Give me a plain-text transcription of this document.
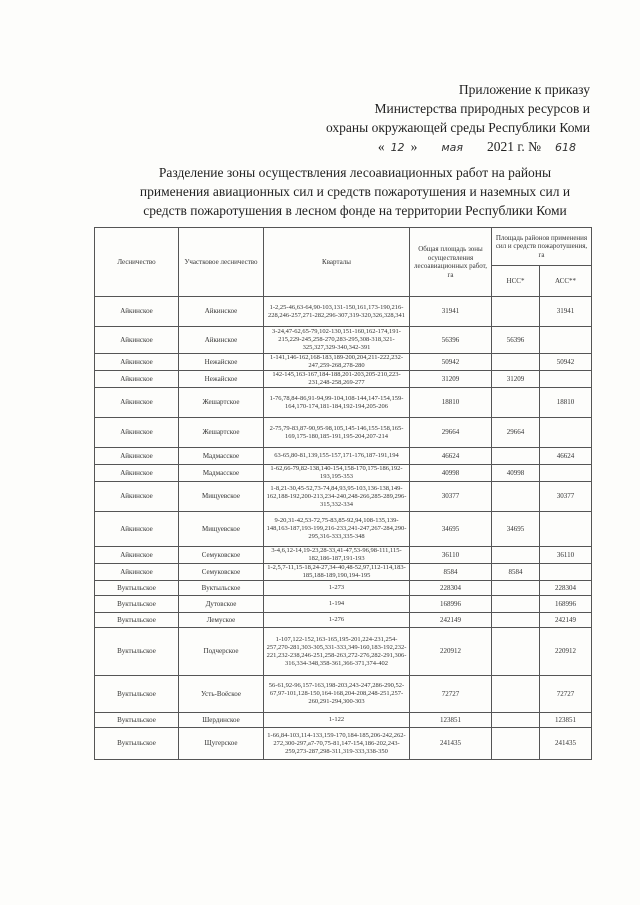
Приложение к приказу
Министерства природных ресурсов и
охраны окружающей среды Республики Коми
« 12 » мая 2021 г. № 618
Разделение зоны осуществления лесоавиационных работ на районы
применения авиационных сил и средств пожаротушения и наземных сил и
средств пожаротушения в лесном фонде на территории Республики Коми
Лесничество	Участковое лесничество	Кварталы	Общая площадь зоны осуществления лесоавиационных работ, га	Площадь районов применения сил и средств пожаротушения, га	
				НСС*	АСС**
Айкинское	Айкинское	1-2,25-46,63-64,90-103,131-150,161,173-190,216-228,246-257,271-282,296-307,319-320,326,328,341	31941		31941
Айкинское	Айкинское	3-24,47-62,65-79,102-130,151-160,162-174,191-215,229-245,258-270,283-295,308-318,321-325,327,329-340,342-391	56396	56396	
Айкинское	Нежайское	1-141,146-162,168-183,189-200,204,211-222,232-247,259-268,278-280	50942		50942
Айкинское	Нежайское	142-145,163-167,184-188,201-203,205-210,223-231,248-258,269-277	31209	31209	
Айкинское	Жешартское	1-76,78,84-86,91-94,99-104,108-144,147-154,159-164,170-174,181-184,192-194,205-206	18810		18810
Айкинское	Жешартское	2-75,79-83,87-90,95-98,105,145-146,155-158,165-169,175-180,185-191,195-204,207-214	29664	29664	
Айкинское	Мадмасское	63-65,80-81,139,155-157,171-176,187-191,194	46624		46624
Айкинское	Мадмасское	1-62,66-79,82-138,140-154,158-170,175-186,192-193,195-353	40998	40998	
Айкинское	Мищуевское	1-8,21-30,45-52,73-74,84,93,95-103,136-138,149-162,188-192,200-213,234-240,248-266,285-289,296-315,332-334	30377		30377
Айкинское	Мищуевское	9-20,31-42,53-72,75-83,85-92,94,108-135,139-148,163-187,193-199,216-233,241-247,267-284,290-295,316-333,335-348	34695	34695	
Айкинское	Семуковское	3-4,6,12-14,19-23,28-33,41-47,53-96,98-111,115-182,186-187,191-193	36110		36110
Айкинское	Семуковское	1-2,5,7-11,15-18,24-27,34-40,48-52,97,112-114,183-185,188-189,190,194-195	8584	8584	
Вуктыльское	Вуктыльское	1-273	228304		228304
Вуктыльское	Дутовское	1-194	168996		168996
Вуктыльское	Лемуское	1-276	242149		242149
Вуктыльское	Подчерское	1-107,122-152,163-165,195-201,224-231,254-257,270-281,303-305,331-333,349-160,183-192,232-221,232-238,246-251,258-263,272-276,282-291,306-316,334-348,358-361,366-371,374-402	220912		220912
Вуктыльское	Усть-Воёское	56-61,92-96,157-163,198-203,243-247,286-290,52-67,97-101,128-150,164-168,204-208,248-251,257-260,291-294,300-303	72727		72727
Вуктыльское	Шердинское	1-122	123851		123851
Вуктыльское	Щугерское	1-66,84-103,114-133,159-170,184-185,206-242,262-272,300-297,a7-70,75-81,147-154,186-202,243-259,273-287,298-311,319-333,338-350	241435		241435
